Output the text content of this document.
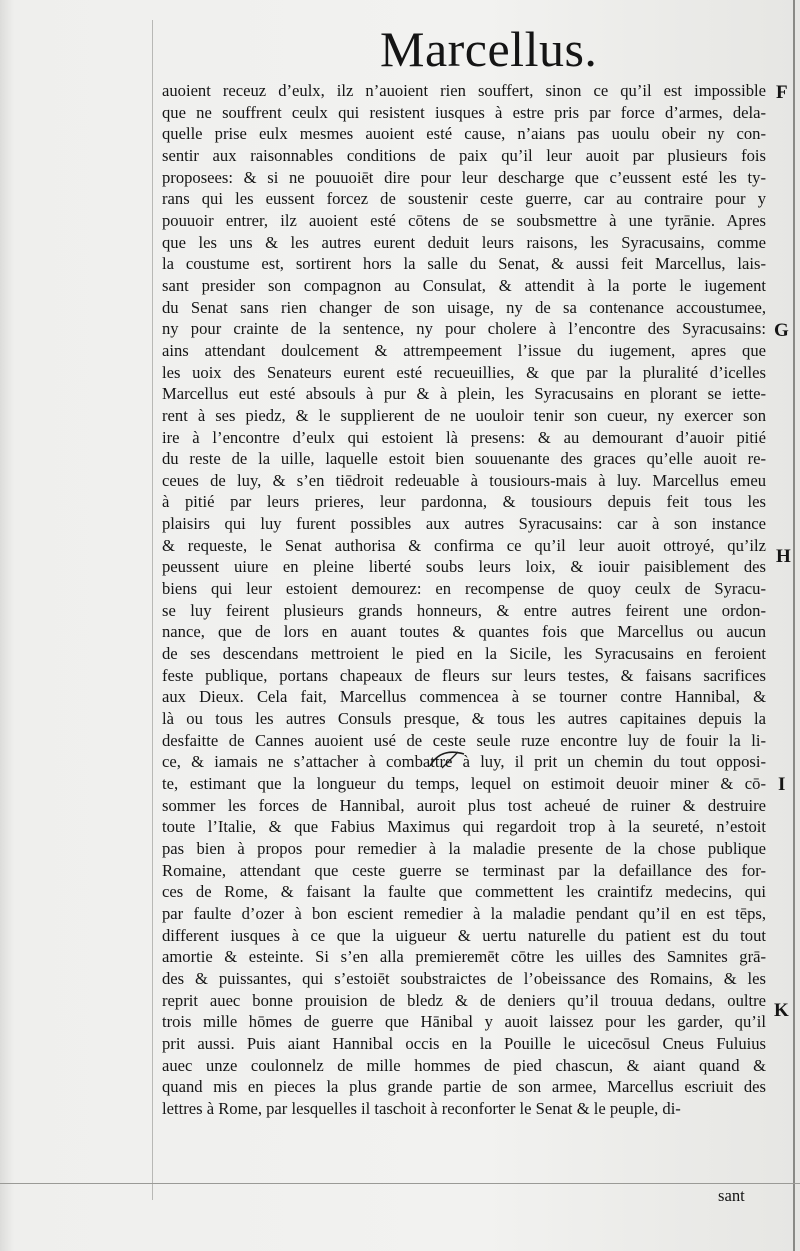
Marcellus.
auoient receuz d’eulx, ilz n’auoient rien souffert, sinon ce qu’il est impossible
que ne souffrent ceulx qui resistent iusques à estre pris par force d’armes, dela-
quelle prise eulx mesmes auoient esté cause, n’aians pas uoulu obeir ny con-
sentir aux raisonnables conditions de paix qu’il leur auoit par plusieurs fois
proposees: & si ne pouuoiēt dire pour leur descharge que c’eussent esté les ty-
rans qui les eussent forcez de soustenir ceste guerre, car au contraire pour y
pouuoir entrer, ilz auoient esté cōtens de se soubsmettre à une tyrānie. Apres
que les uns & les autres eurent deduit leurs raisons, les Syracusains, comme
la coustume est, sortirent hors la salle du Senat, & aussi feit Marcellus, lais-
sant presider son compagnon au Consulat, & attendit à la porte le iugement
du Senat sans rien changer de son uisage, ny de sa contenance accoustumee,
ny pour crainte de la sentence, ny pour cholere à l’encontre des Syracusains:
ains attendant doulcement & attrempeement l’issue du iugement, apres que
les uoix des Senateurs eurent esté recueuillies, & que par la pluralité d’icelles
Marcellus eut esté absouls à pur & à plein, les Syracusains en plorant se iette-
rent à ses piedz, & le supplierent de ne uouloir tenir son cueur, ny exercer son
ire à l’encontre d’eulx qui estoient là presens: & au demourant d’auoir pitié
du reste de la uille, laquelle estoit bien souuenante des graces qu’elle auoit re-
ceues de luy, & s’en tiēdroit redeuable à tousiours-mais à luy. Marcellus emeu
à pitié par leurs prieres, leur pardonna, & tousiours depuis feit tous les
plaisirs qui luy furent possibles aux autres Syracusains: car à son instance
& requeste, le Senat authorisa & confirma ce qu’il leur auoit ottroyé, qu’ilz
peussent uiure en pleine liberté soubs leurs loix, & iouir paisiblement des
biens qui leur estoient demourez: en recompense de quoy ceulx de Syracu-
se luy feirent plusieurs grands honneurs, & entre autres feirent une ordon-
nance, que de lors en auant toutes & quantes fois que Marcellus ou aucun
de ses descendans mettroient le pied en la Sicile, les Syracusains en feroient
feste publique, portans chapeaux de fleurs sur leurs testes, & faisans sacrifices
aux Dieux. Cela fait, Marcellus commencea à se tourner contre Hannibal, &
là ou tous les autres Consuls presque, & tous les autres capitaines depuis la
desfaitte de Cannes auoient usé de ceste seule ruze encontre luy de fouir la li-
ce, & iamais ne s’attacher à combattre à luy, il prit un chemin du tout opposi-
te, estimant que la longueur du temps, lequel on estimoit deuoir miner & cō-
sommer les forces de Hannibal, auroit plus tost acheué de ruiner & destruire
toute l’Italie, & que Fabius Maximus qui regardoit trop à la seureté, n’estoit
pas bien à propos pour remedier à la maladie presente de la chose publique
Romaine, attendant que ceste guerre se terminast par la defaillance des for-
ces de Rome, & faisant la faulte que commettent les craintifz medecins, qui
par faulte d’ozer à bon escient remedier à la maladie pendant qu’il en est tēps,
different iusques à ce que la uigueur & uertu naturelle du patient est du tout
amortie & esteinte. Si s’en alla premieremēt cōtre les uilles des Samnites grā-
des & puissantes, qui s’estoiēt soubstraictes de l’obeissance des Romains, & les
reprit auec bonne prouision de bledz & de deniers qu’il trouua dedans, oultre
trois mille hōmes de guerre que Hānibal y auoit laissez pour les garder, qu’il
prit aussi. Puis aiant Hannibal occis en la Pouille le uicecōsul Cneus Fuluius
auec unze coulonnelz de mille hommes de pied chascun, & aiant quand &
quand mis en pieces la plus grande partie de son armee, Marcellus escriuit des
lettres à Rome, par lesquelles il taschoit à reconforter le Senat & le peuple, di-
F
G
H
I
K
sant
